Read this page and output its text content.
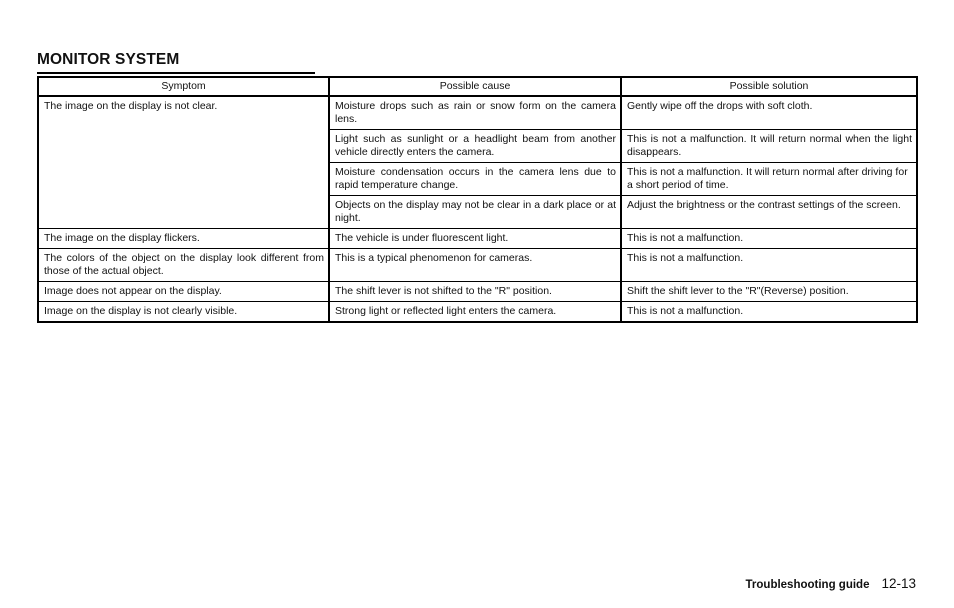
MONITOR SYSTEM
Symptom	Possible cause	Possible solution
The image on the display is not clear.	Moisture drops such as rain or snow form on the camera lens.	Gently wipe off the drops with soft cloth.
	Light such as sunlight or a headlight beam from another vehicle directly enters the camera.	This is not a malfunction. It will return normal when the light disappears.
	Moisture condensation occurs in the camera lens due to rapid temperature change.	This is not a malfunction. It will return normal after driving for a short period of time.
	Objects on the display may not be clear in a dark place or at night.	Adjust the brightness or the contrast settings of the screen.
The image on the display flickers.	The vehicle is under fluorescent light.	This is not a malfunction.
The colors of the object on the display look different from those of the actual object.	This is a typical phenomenon for cameras.	This is not a malfunction.
Image does not appear on the display.	The shift lever is not shifted to the "R" position.	Shift the shift lever to the "R"(Reverse) position.
Image on the display is not clearly visible.	Strong light or reflected light enters the camera.	This is not a malfunction.
Troubleshooting guide 12-13
